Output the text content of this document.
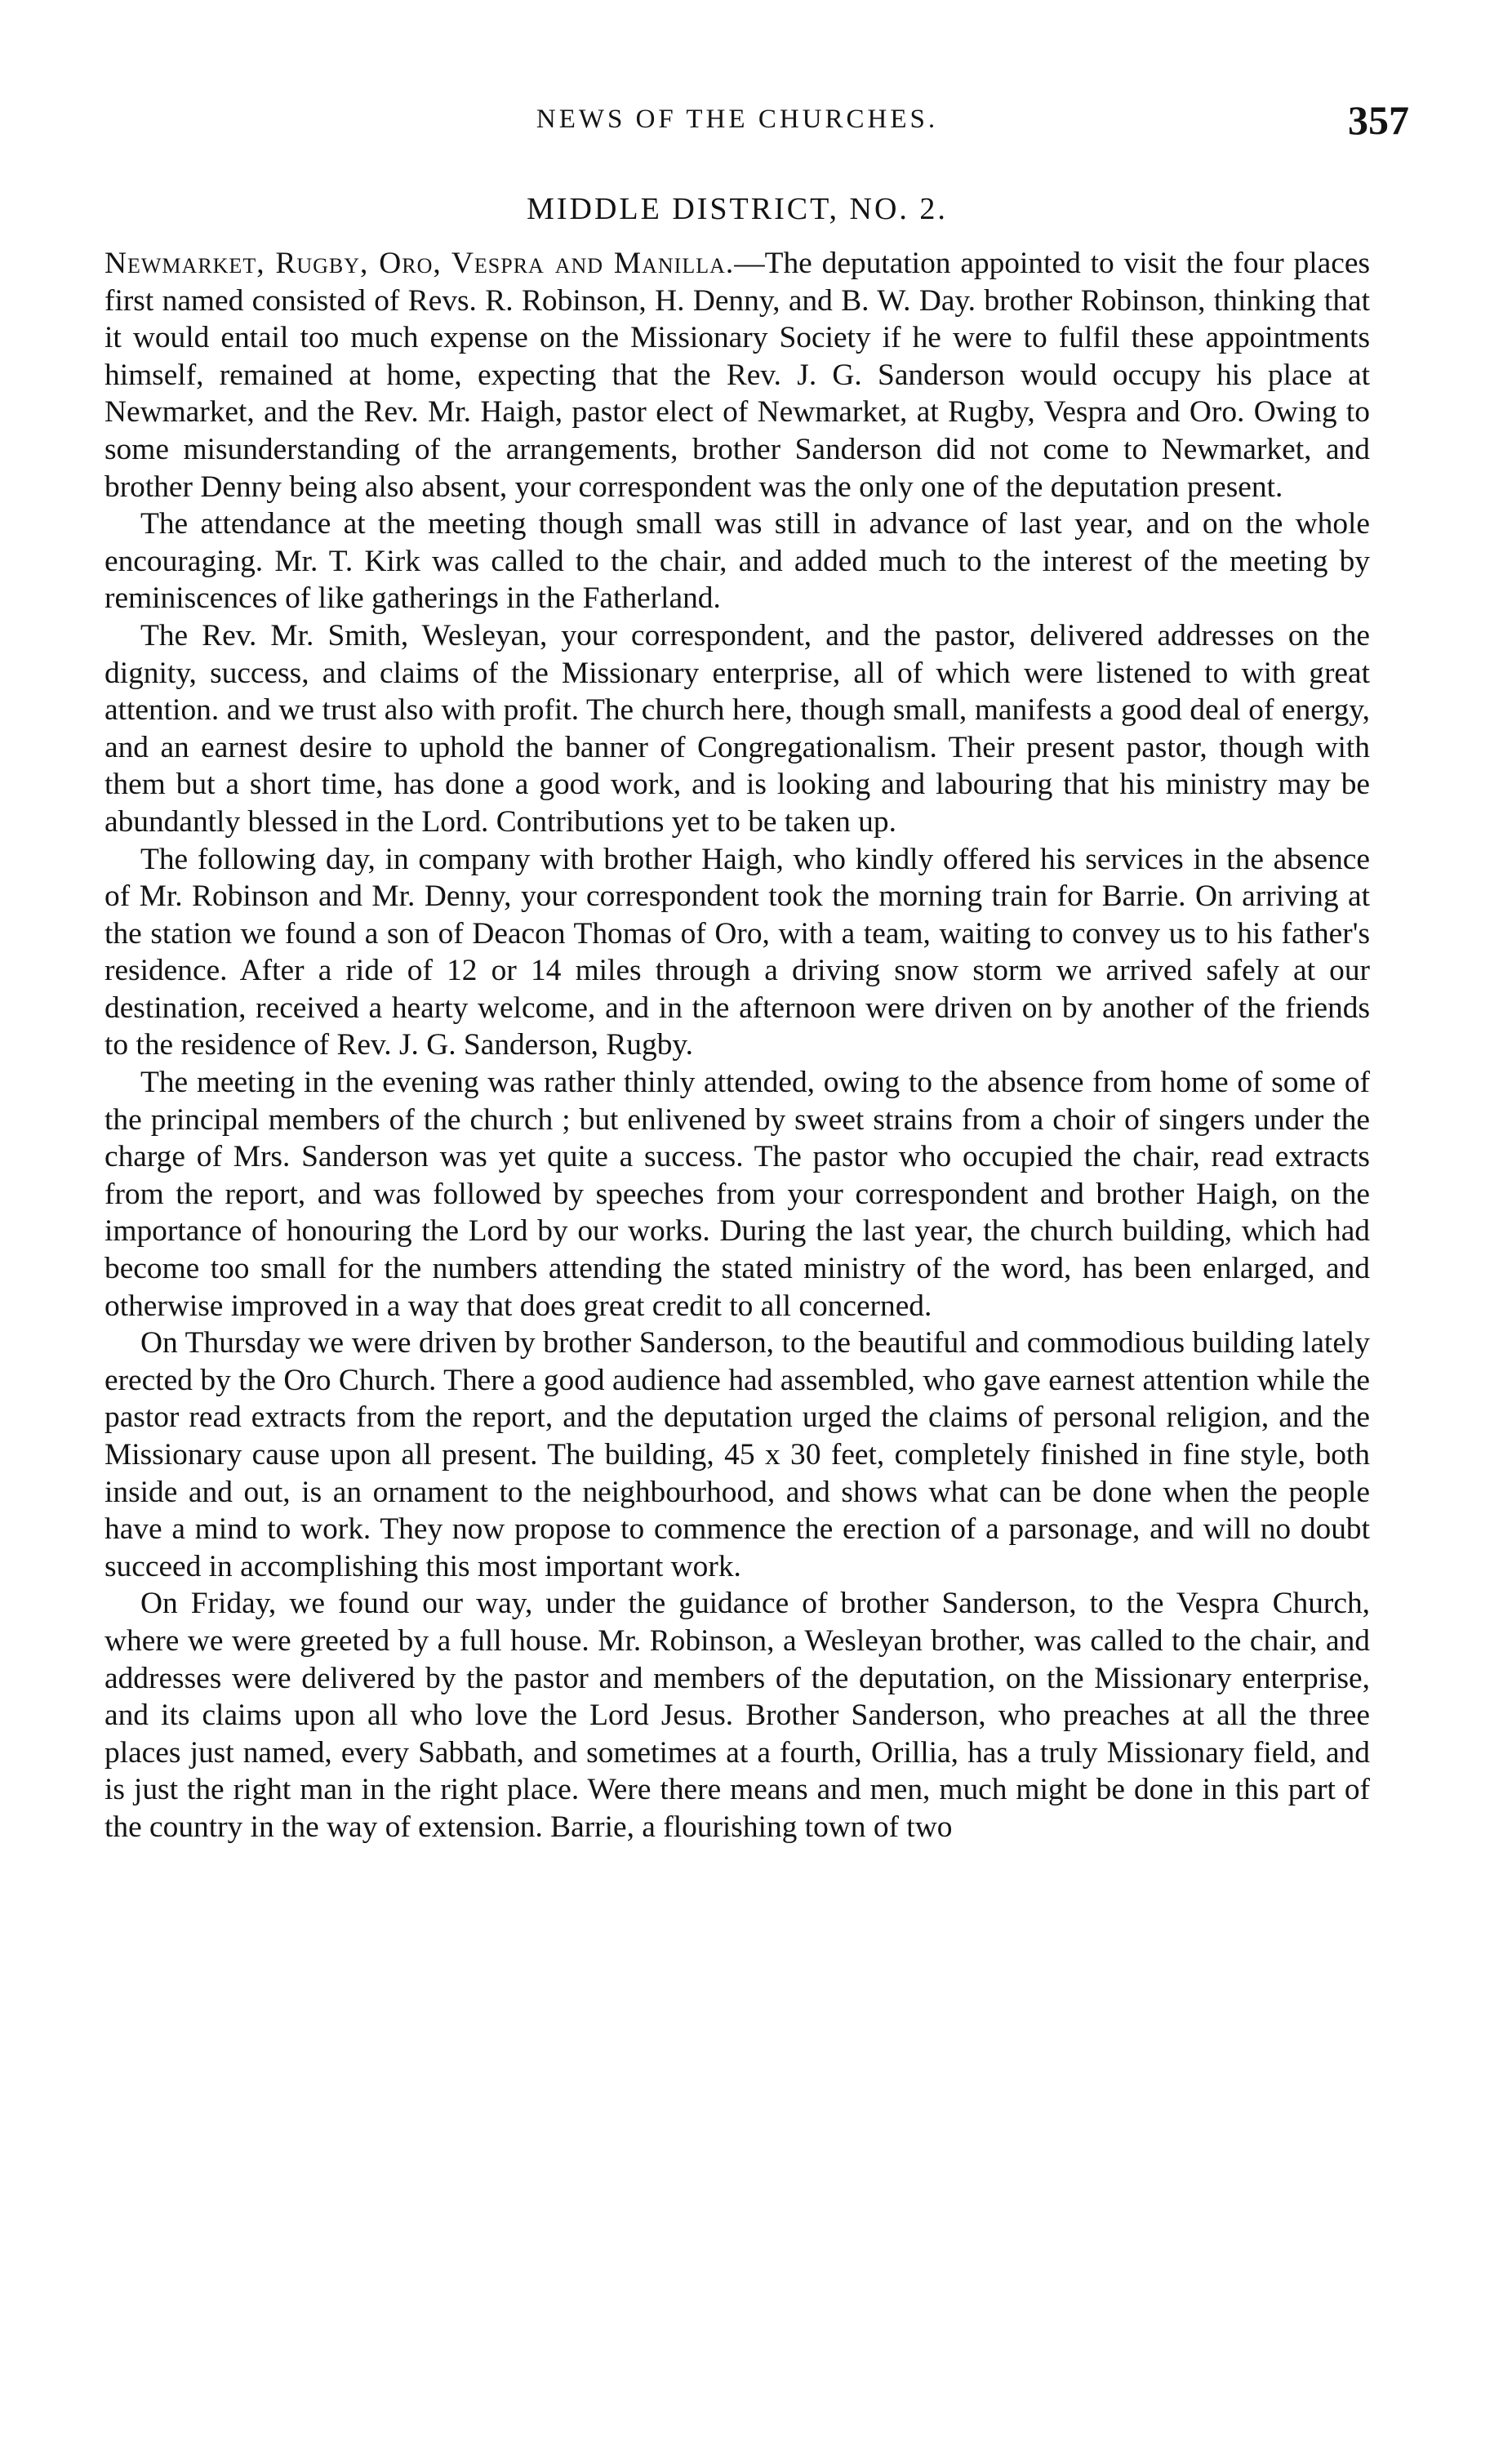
NEWS OF THE CHURCHES.	357
MIDDLE DISTRICT, NO. 2.

Newmarket, Rugby, Oro, Vespra and Manilla.—The deputation appointed to visit the four places first named consisted of Revs. R. Robinson, H. Denny, and B. W. Day. brother Robinson, thinking that it would entail too much expense on the Missionary Society if he were to fulfil these appointments himself, remained at home, expecting that the Rev. J. G. Sanderson would occupy his place at Newmarket, and the Rev. Mr. Haigh, pastor elect of Newmarket, at Rugby, Vespra and Oro. Owing to some misunderstanding of the arrangements, brother Sanderson did not come to Newmarket, and brother Denny being also absent, your correspondent was the only one of the deputation present.

The attendance at the meeting though small was still in advance of last year, and on the whole encouraging. Mr. T. Kirk was called to the chair, and added much to the interest of the meeting by reminiscences of like gatherings in the Fatherland.

The Rev. Mr. Smith, Wesleyan, your correspondent, and the pastor, delivered addresses on the dignity, success, and claims of the Missionary enterprise, all of which were listened to with great attention. and we trust also with profit. The church here, though small, manifests a good deal of energy, and an earnest desire to uphold the banner of Congregationalism. Their present pastor, though with them but a short time, has done a good work, and is looking and labouring that his ministry may be abundantly blessed in the Lord. Contributions yet to be taken up.

The following day, in company with brother Haigh, who kindly offered his services in the absence of Mr. Robinson and Mr. Denny, your correspondent took the morning train for Barrie. On arriving at the station we found a son of Deacon Thomas of Oro, with a team, waiting to convey us to his father's residence. After a ride of 12 or 14 miles through a driving snow storm we arrived safely at our destination, received a hearty welcome, and in the afternoon were driven on by another of the friends to the residence of Rev. J. G. Sanderson, Rugby.

The meeting in the evening was rather thinly attended, owing to the absence from home of some of the principal members of the church ; but enlivened by sweet strains from a choir of singers under the charge of Mrs. Sanderson was yet quite a success. The pastor who occupied the chair, read extracts from the report, and was followed by speeches from your correspondent and brother Haigh, on the importance of honouring the Lord by our works. During the last year, the church building, which had become too small for the numbers attending the stated ministry of the word, has been enlarged, and otherwise improved in a way that does great credit to all concerned.

On Thursday we were driven by brother Sanderson, to the beautiful and commodious building lately erected by the Oro Church. There a good audience had assembled, who gave earnest attention while the pastor read extracts from the report, and the deputation urged the claims of personal religion, and the Missionary cause upon all present. The building, 45 x 30 feet, completely finished in fine style, both inside and out, is an ornament to the neighbourhood, and shows what can be done when the people have a mind to work. They now propose to commence the erection of a parsonage, and will no doubt succeed in accomplishing this most important work.

On Friday, we found our way, under the guidance of brother Sanderson, to the Vespra Church, where we were greeted by a full house. Mr. Robinson, a Wesleyan brother, was called to the chair, and addresses were delivered by the pastor and members of the deputation, on the Missionary enterprise, and its claims upon all who love the Lord Jesus. Brother Sanderson, who preaches at all the three places just named, every Sabbath, and sometimes at a fourth, Orillia, has a truly Missionary field, and is just the right man in the right place. Were there means and men, much might be done in this part of the country in the way of extension. Barrie, a flourishing town of two
